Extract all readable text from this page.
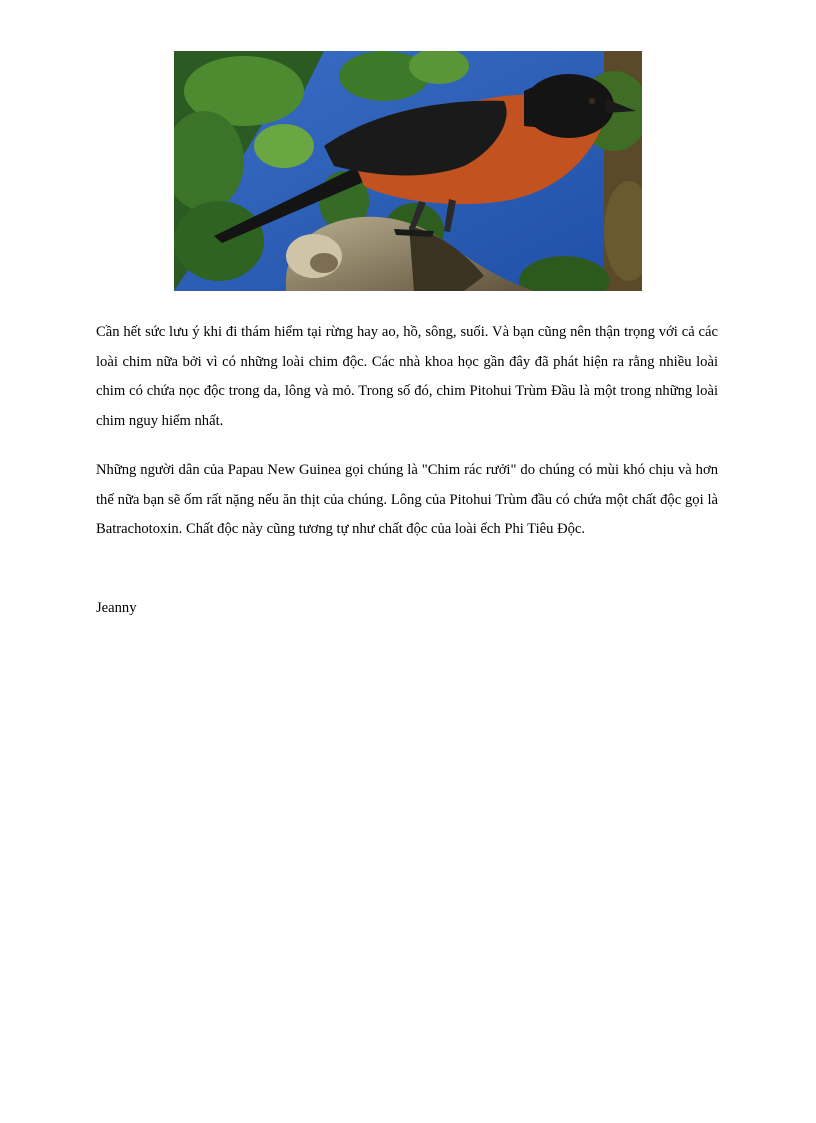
Cần hết sức lưu ý khi đi thám hiểm tại rừng hay ao, hồ, sông, suối. Và bạn cũng nên thận trọng với cả các loài chim nữa bởi vì có những loài chim độc. Các nhà khoa học gần đây đã phát hiện ra rằng nhiều loài chim có chứa nọc độc trong da, lông và mỏ. Trong số đó, chim Pitohui Trùm Đầu là một trong những loài chim nguy hiểm nhất.

Những người dân của Papau New Guinea gọi chúng là "Chim rác rưởi" do chúng có mùi khó chịu và hơn thế nữa bạn sẽ ốm rất nặng nếu ăn thịt của chúng. Lông của Pitohui Trùm đầu có chứa một chất độc gọi là Batrachotoxin. Chất độc này cũng tương tự như chất độc của loài ếch Phi Tiêu Độc.

Jeanny
